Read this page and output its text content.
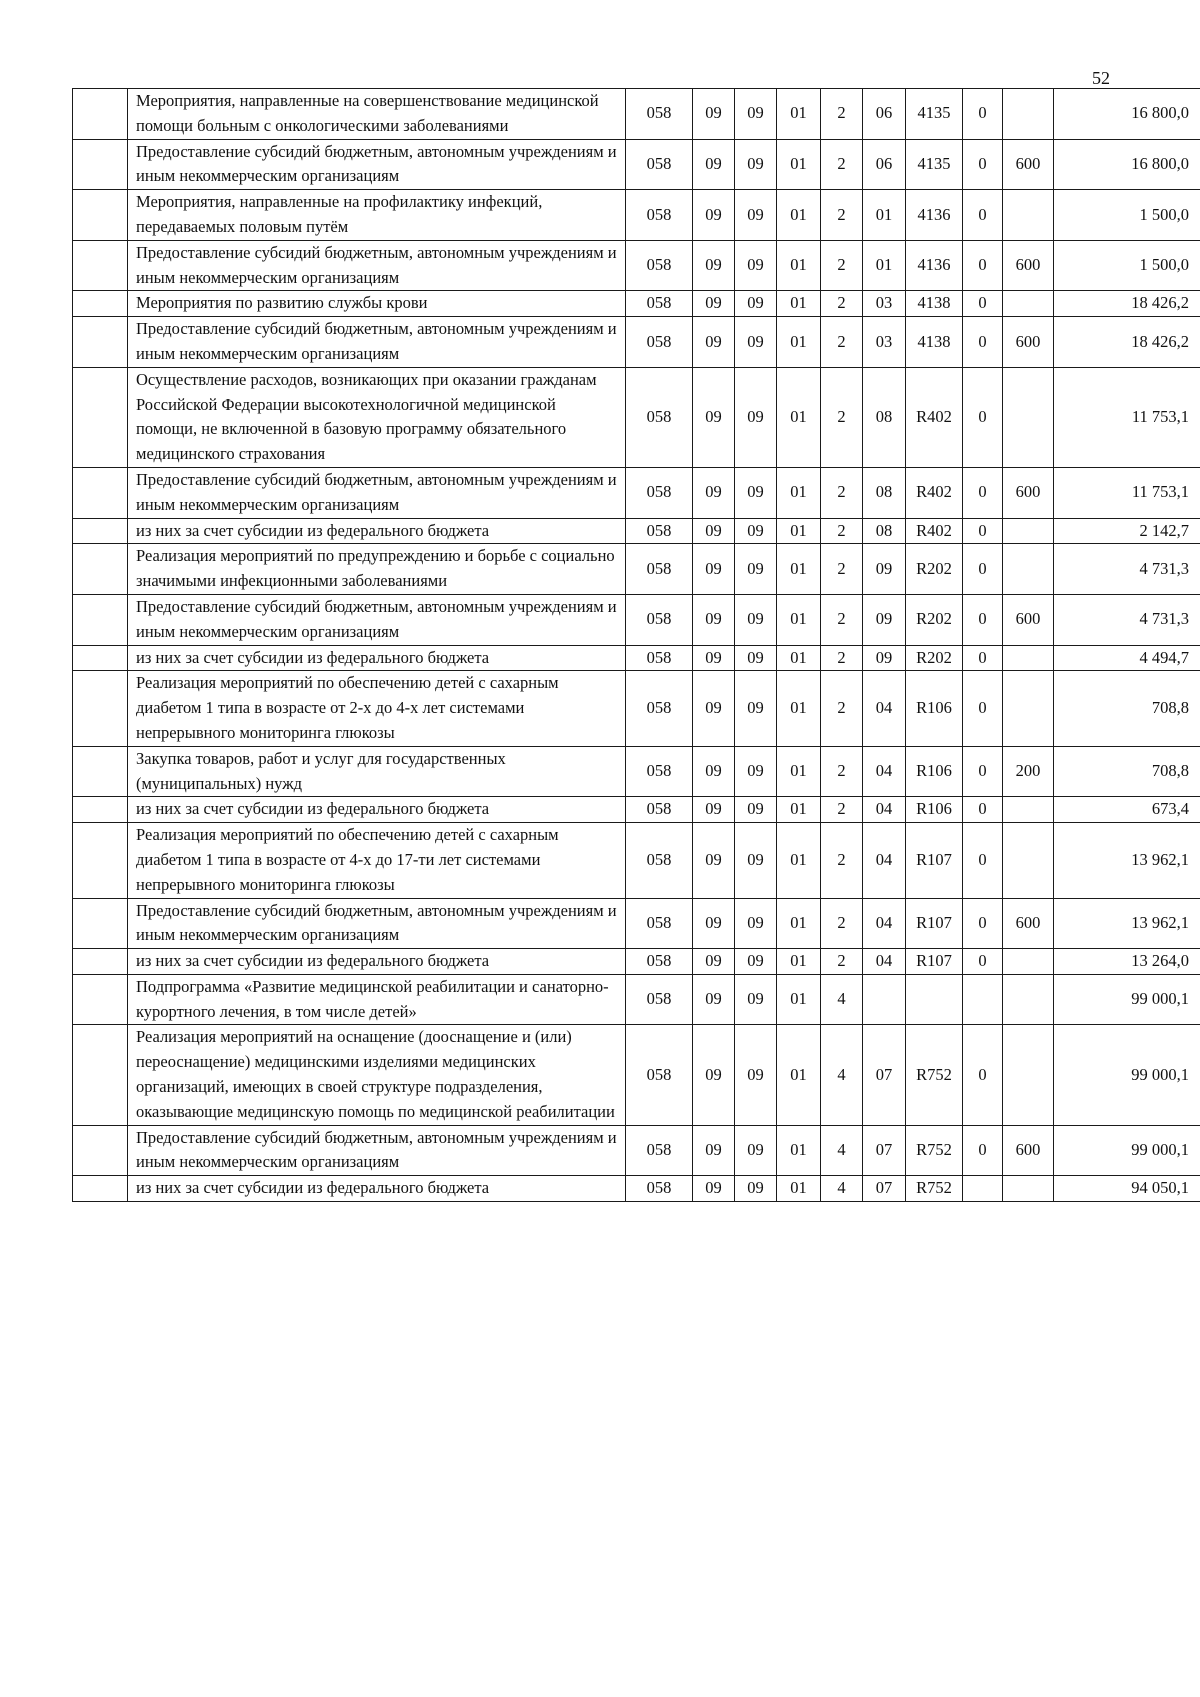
52
	Мероприятия, направленные на совершенствование медицинской помощи больным с онкологическими заболеваниями	058	09	09	01	2	06	4135	0		16 800,0
	Предоставление субсидий бюджетным, автономным учреждениям и иным некоммерческим организациям	058	09	09	01	2	06	4135	0	600	16 800,0
	Мероприятия, направленные на профилактику инфекций, передаваемых половым путём	058	09	09	01	2	01	4136	0		1 500,0
	Предоставление субсидий бюджетным, автономным учреждениям и иным некоммерческим организациям	058	09	09	01	2	01	4136	0	600	1 500,0
	Мероприятия по развитию службы крови	058	09	09	01	2	03	4138	0		18 426,2
	Предоставление субсидий бюджетным, автономным учреждениям и иным некоммерческим организациям	058	09	09	01	2	03	4138	0	600	18 426,2
	Осуществление расходов, возникающих при оказании гражданам Российской Федерации высокотехнологичной медицинской помощи, не включенной в базовую программу обязательного медицинского страхования	058	09	09	01	2	08	R402	0		11 753,1
	Предоставление субсидий бюджетным, автономным учреждениям и иным некоммерческим организациям	058	09	09	01	2	08	R402	0	600	11 753,1
	из них за счет субсидии из федерального бюджета	058	09	09	01	2	08	R402	0		2 142,7
	Реализация мероприятий по предупреждению и борьбе с социально значимыми инфекционными заболеваниями	058	09	09	01	2	09	R202	0		4 731,3
	Предоставление субсидий бюджетным, автономным учреждениям и иным некоммерческим организациям	058	09	09	01	2	09	R202	0	600	4 731,3
	из них за счет субсидии из федерального бюджета	058	09	09	01	2	09	R202	0		4 494,7
	Реализация мероприятий по обеспечению детей с сахарным диабетом 1 типа в возрасте от 2-х до 4-х лет системами непрерывного мониторинга глюкозы	058	09	09	01	2	04	R106	0		708,8
	Закупка товаров, работ и услуг для государственных (муниципальных) нужд	058	09	09	01	2	04	R106	0	200	708,8
	из них за счет субсидии из федерального бюджета	058	09	09	01	2	04	R106	0		673,4
	Реализация мероприятий по обеспечению детей с сахарным диабетом 1 типа в возрасте от 4-х до 17-ти лет системами непрерывного мониторинга глюкозы	058	09	09	01	2	04	R107	0		13 962,1
	Предоставление субсидий бюджетным, автономным учреждениям и иным некоммерческим организациям	058	09	09	01	2	04	R107	0	600	13 962,1
	из них за счет субсидии из федерального бюджета	058	09	09	01	2	04	R107	0		13 264,0
	Подпрограмма «Развитие медицинской реабилитации и санаторно-курортного лечения, в том числе детей»	058	09	09	01	4					99 000,1
	Реализация мероприятий на оснащение (дооснащение и (или) переоснащение) медицинскими изделиями медицинских организаций, имеющих в своей структуре подразделения, оказывающие медицинскую помощь по медицинской реабилитации	058	09	09	01	4	07	R752	0		99 000,1
	Предоставление субсидий бюджетным, автономным учреждениям и иным некоммерческим организациям	058	09	09	01	4	07	R752	0	600	99 000,1
	из них за счет субсидии из федерального бюджета	058	09	09	01	4	07	R752			94 050,1
